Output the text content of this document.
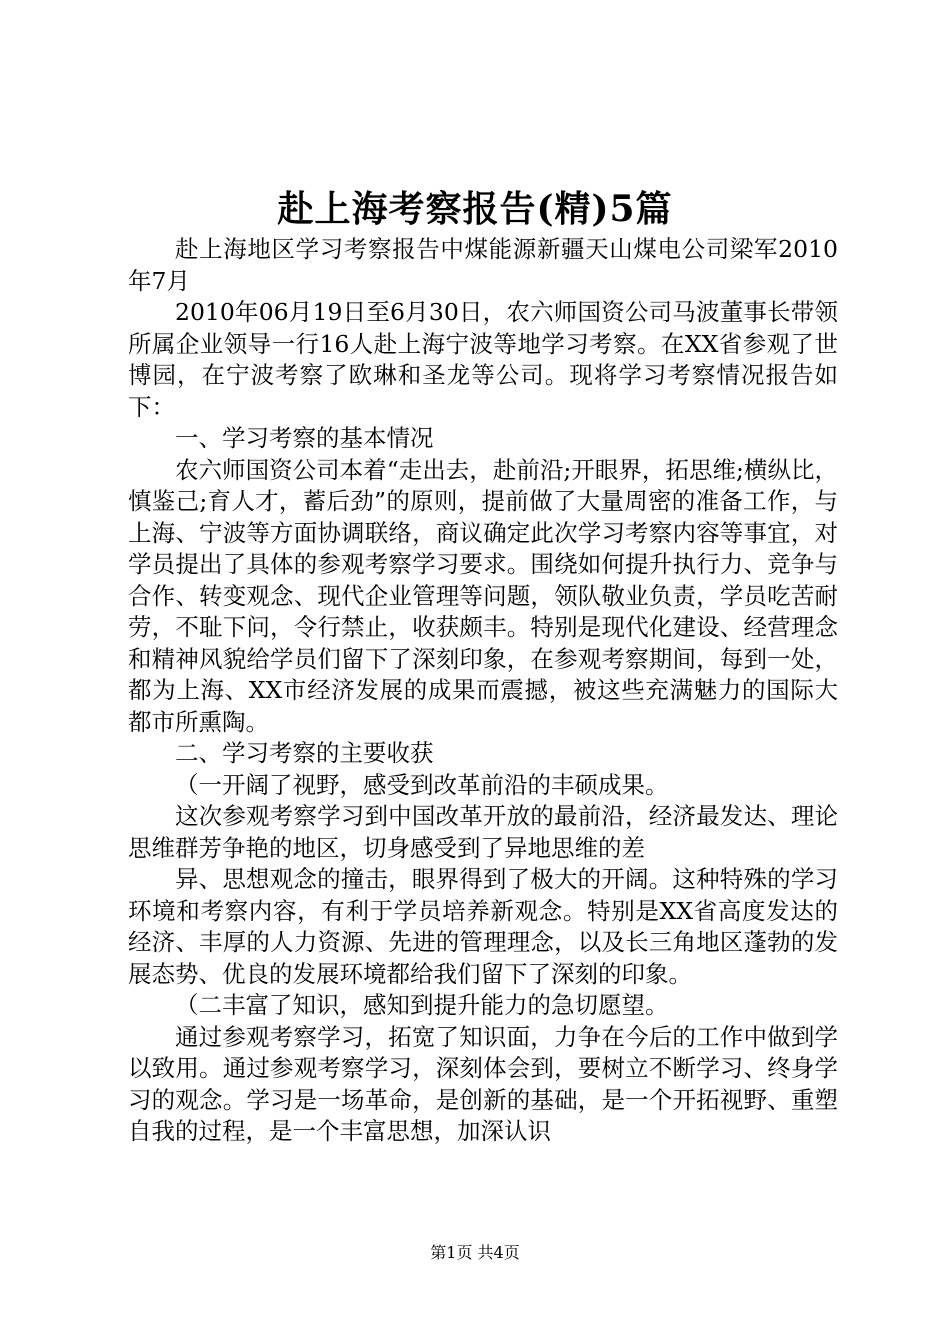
赴上海考察报告(精)5篇

赴上海地区学习考察报告中煤能源新疆天山煤电公司梁军2010年7月

2010年06月19日至6月30日，农六师国资公司马波董事长带领所属企业领导一行16人赴上海宁波等地学习考察。在XX省参观了世博园，在宁波考察了欧琳和圣龙等公司。现将学习考察情况报告如下：

一、学习考察的基本情况

农六师国资公司本着“走出去，赴前沿;开眼界，拓思维;横纵比，慎鉴己;育人才，蓄后劲”的原则，提前做了大量周密的准备工作，与上海、宁波等方面协调联络，商议确定此次学习考察内容等事宜，对学员提出了具体的参观考察学习要求。围绕如何提升执行力、竞争与合作、转变观念、现代企业管理等问题，领队敬业负责，学员吃苦耐劳，不耻下问，令行禁止，收获颇丰。特别是现代化建设、经营理念和精神风貌给学员们留下了深刻印象，在参观考察期间，每到一处，都为上海、XX市经济发展的成果而震撼，被这些充满魅力的国际大都市所熏陶。

二、学习考察的主要收获

（一开阔了视野，感受到改革前沿的丰硕成果。

这次参观考察学习到中国改革开放的最前沿，经济最发达、理论思维群芳争艳的地区，切身感受到了异地思维的差

异、思想观念的撞击，眼界得到了极大的开阔。这种特殊的学习环境和考察内容，有利于学员培养新观念。特别是XX省高度发达的经济、丰厚的人力资源、先进的管理理念，以及长三角地区蓬勃的发展态势、优良的发展环境都给我们留下了深刻的印象。

（二丰富了知识，感知到提升能力的急切愿望。

通过参观考察学习，拓宽了知识面，力争在今后的工作中做到学以致用。通过参观考察学习，深刻体会到，要树立不断学习、终身学习的观念。学习是一场革命，是创新的基础，是一个开拓视野、重塑自我的过程，是一个丰富思想，加深认识

第1页 共4页
